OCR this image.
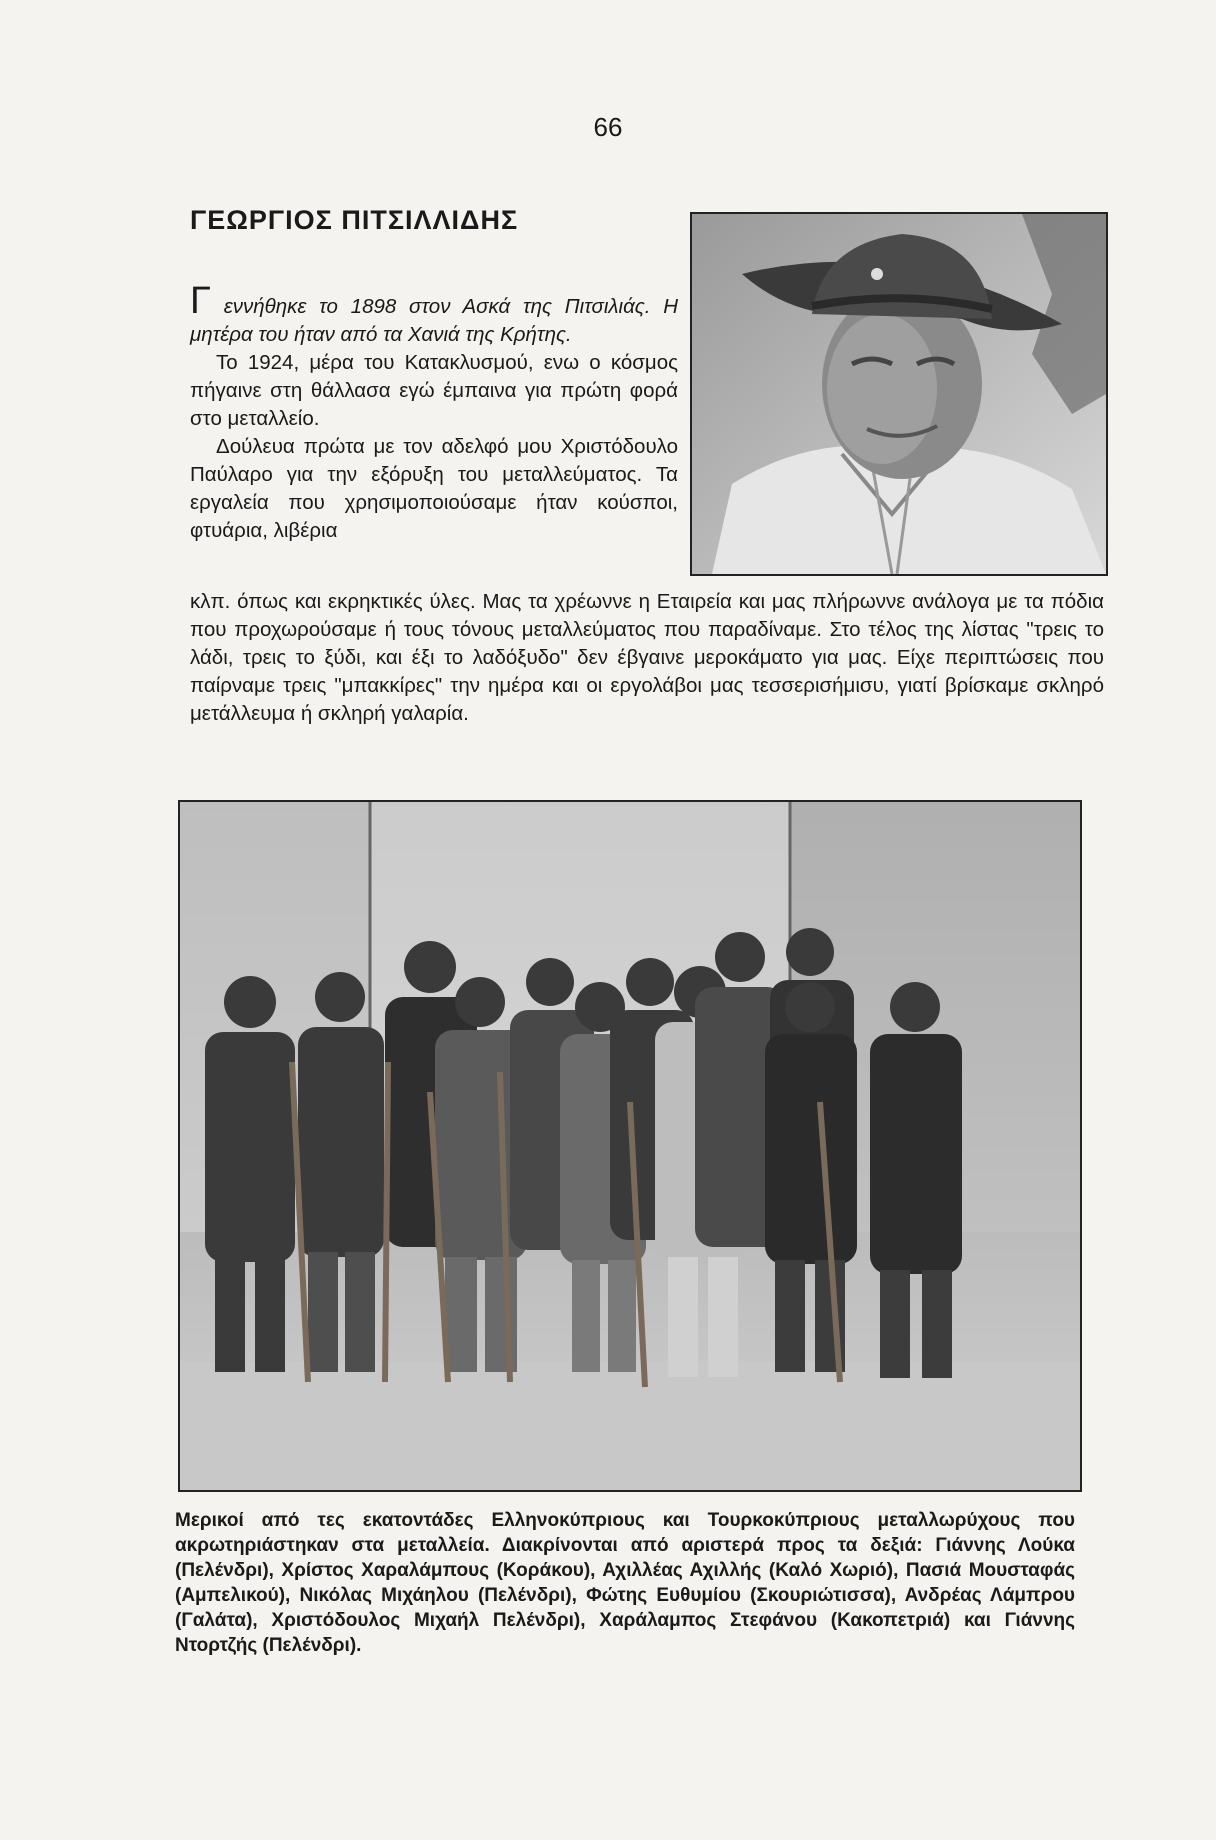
66
ΓΕΩΡΓΙΟΣ ΠΙΤΣΙΛΛΙΔΗΣ

Γ εννήθηκε το 1898 στον Ασκά της Πιτσιλιάς. Η μητέρα του ήταν από τα Χανιά της Κρήτης.

Το 1924, μέρα του Κατακλυσμού, ενω ο κόσμος πήγαινε στη θάλλασα εγώ έμπαινα για πρώτη φορά στο μεταλλείο.

Δούλευα πρώτα με τον αδελφό μου Χριστόδουλο Παύλαρο για την εξόρυξη του μεταλλεύματος. Τα εργαλεία που χρησιμοποιούσαμε ήταν κούσποι, φτυάρια, λιβέρια

κλπ. όπως και εκρηκτικές ύλες. Μας τα χρέωννε η Εταιρεία και μας πλήρωννε ανάλογα με τα πόδια που προχωρούσαμε ή τους τόνους μεταλλεύματος που παραδίναμε. Στο τέλος της λίστας "τρεις το λάδι, τρεις το ξύδι, και έξι το λαδόξυδο" δεν έβγαινε μεροκάματο για μας. Είχε περιπτώσεις που παίρναμε τρεις "μπακκίρες" την ημέρα και οι εργολάβοι μας τεσσερισήμισυ, γιατί βρίσκαμε σκληρό μετάλλευμα ή σκληρή γαλαρία.
Μερικοί από τες εκατοντάδες Ελληνοκύπριους και Τουρκοκύπριους μεταλλωρύχους που ακρωτηριάστηκαν στα μεταλλεία. Διακρίνονται από αριστερά προς τα δεξιά: Γιάννης Λούκα (Πελένδρι), Χρίστος Χαραλάμπους (Κοράκου), Αχιλλέας Αχιλλής (Καλό Χωριό), Πασιά Μουσταφάς (Αμπελικού), Νικόλας Μιχάηλου (Πελένδρι), Φώτης Ευθυμίου (Σκουριώτισσα), Ανδρέας Λάμπρου (Γαλάτα), Χριστόδουλος Μιχαήλ Πελένδρι), Χαράλαμπος Στεφάνου (Κακοπετριά) και Γιάννης Ντορτζής (Πελένδρι).
